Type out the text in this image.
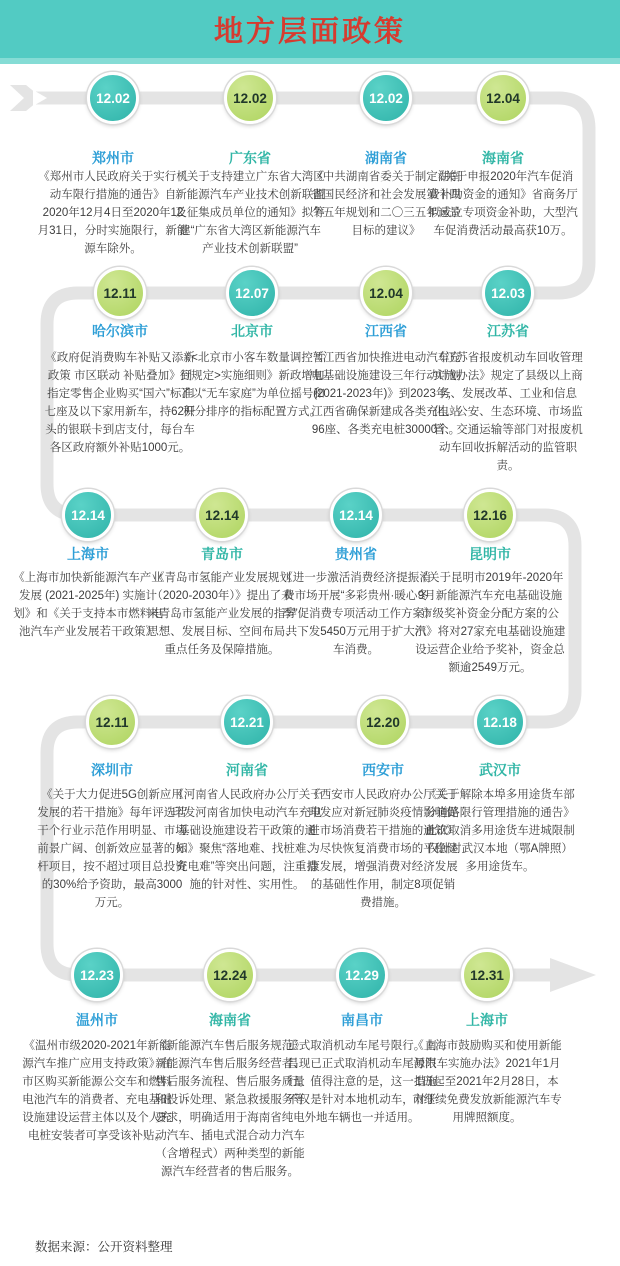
地方层面政策
12.02
郑州市
《郑州市人民政府关于实行机动车限行措施的通告》自2020年12月4日至2020年12月31日，分时实施限行，新能源车除外。
12.02
广东省
《关于支持建立广东省大湾区新能源汽车产业技术创新联盟及征集成员单位的通知》拟筹建“广东省大湾区新能源汽车产业技术创新联盟”
12.02
湖南省
《中共湖南省委关于制定湖南省国民经济和社会发展第十四个五年规划和二〇三五年远景目标的建议》
12.04
海南省
《关于申报2020年汽车促消费补助资金的通知》省商务厅拟成立专项资金补助，大型汽车促消费活动最高获10万。
12.11
哈尔滨市
《政府促消费购车补贴又添新政策 市区联动 补贴叠加》到指定零售企业购买“国六”标准七座及以下家用新车，持62开头的银联卡到店支付，每台车各区政府额外补贴1000元。
12.07
北京市
《<北京市小客车数量调控暂行规定>实施细则》新政增加了以“无车家庭”为单位摇号和积分排序的指标配置方式。
12.04
江西省
《江西省加快推进电动汽车充电基础设施建设三年行动计划(2021-2023年)》到2023年，江西省确保新建成各类充电站96座、各类充电桩30000个。
12.03
江苏省
《江苏省报废机动车回收管理实施办法》规定了县级以上商务、发展改革、工业和信息化、公安、生态环境、市场监管、交通运输等部门对报废机动车回收拆解活动的监管职责。
12.14
上海市
《上海市加快新能源汽车产业发展 (2021-2025年) 实施计划》和《关于支持本市燃料电池汽车产业发展若干政策》
12.14
青岛市
《青岛市氢能产业发展规划（2020-2030年）》提出了未来青岛市氢能产业发展的指导思想、发展目标、空间布局、重点任务及保障措施。
12.14
贵州省
《进一步激活消费经济提振消费市场开展“多彩贵州·暖心冬季”促消费专项活动工作方案》共下发5450万元用于扩大汽车消费。
12.16
昆明市
《关于昆明市2019年-2020年9月新能源汽车充电基础设施市级奖补资金分配方案的公示》将对27家充电基础设施建设运营企业给予奖补，资金总额逾2549万元。
12.11
深圳市
《关于大力促进5G创新应用发展的若干措施》每年评选若干个行业示范作用明显、市场前景广阔、创新效应显著的标杆项目，按不超过项目总投资的30%给予资助，最高3000万元。
12.21
河南省
《河南省人民政府办公厅关于印发河南省加快电动汽车充电基础设施建设若干政策的通知》聚焦“落地难、找桩难、充电难”等突出问题，注重措施的针对性、实用性。
12.20
西安市
《西安市人民政府办公厅关于印发应对新冠肺炎疫情影响促进市场消费若干措施的通知》为尽快恢复消费市场的平稳健康发展，增强消费对经济发展的基础性作用，制定8项促销费措施。
12.18
武汉市
《关于解除本埠多用途货车部分道路限行管理措施的通告》此次取消多用途货车进城限制仅针对武汉本地（鄂A牌照）多用途货车。
12.23
温州市
《温州市级2020-2021年新能源汽车推广应用支持政策》在市区购买新能源公交车和燃料电池汽车的消费者、充电基础设施建设运营主体以及个人充电桩安装者可享受该补贴。
12.24
海南省
《新能源汽车售后服务规范》新能源汽车售后服务经营者、售后服务流程、售后服务质量和投诉处理、紧急救援服务等要求，明确适用于海南省纯电动汽车、插电式混合动力汽车（含增程式）两种类型的新能源汽车经营者的售后服务。
12.29
南昌市
正式取消机动车尾号限行。南昌现已正式取消机动车尾号限行。值得注意的是，这一措施不仅是针对本地机动车，对于外地车辆也一并适用。
12.31
上海市
《上海市鼓励购买和使用新能源汽车实施办法》2021年1月1日起至2021年2月28日，本市继续免费发放新能源汽车专用牌照额度。
数据来源：公开资料整理
